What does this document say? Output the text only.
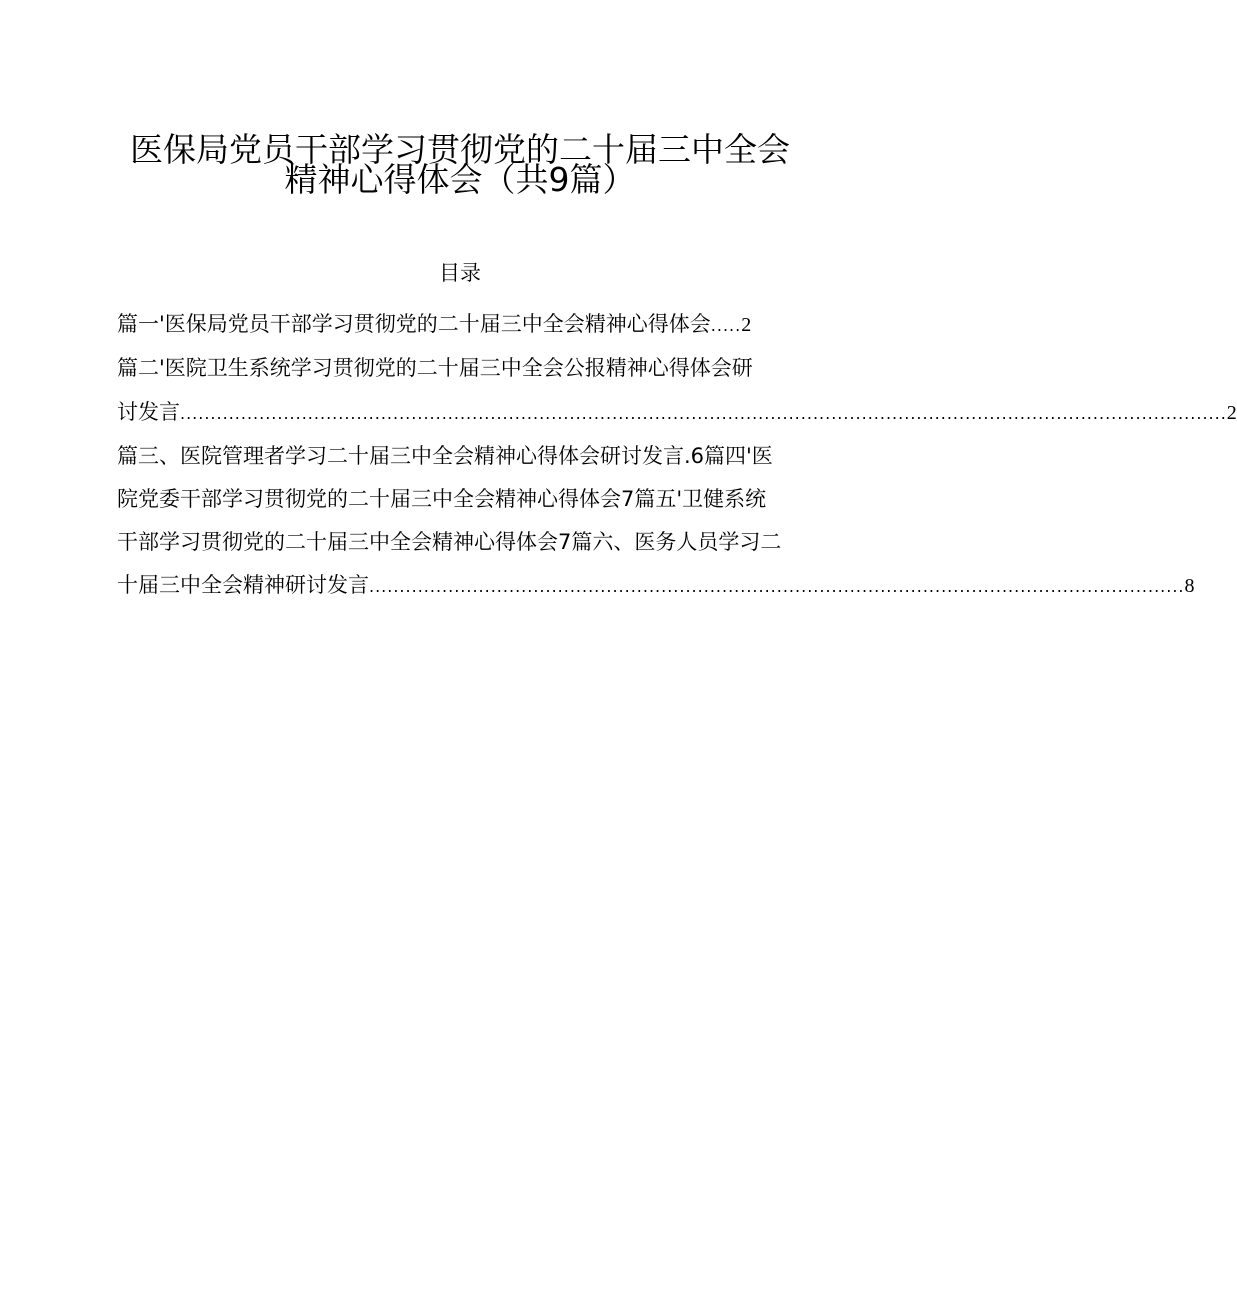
医保局党员干部学习贯彻党的二十届三中全会
精神心得体会（共9篇）
目录
篇一'医保局党员干部学习贯彻党的二十届三中全会精神心得体会 ..... 2
篇二'医院卫生系统学习贯彻党的二十届三中全会公报精神心得体会研
讨发言 ............................................................................................................................................................................ 2
篇三、医院管理者学习二十届三中全会精神心得体会研讨发言.6篇四'医
院党委干部学习贯彻党的二十届三中全会精神心得体会7篇五'卫健系统
干部学习贯彻党的二十届三中全会精神心得体会7篇六、医务人员学习二
十届三中全会精神研讨发言 ...................................................................................................................................... 8
